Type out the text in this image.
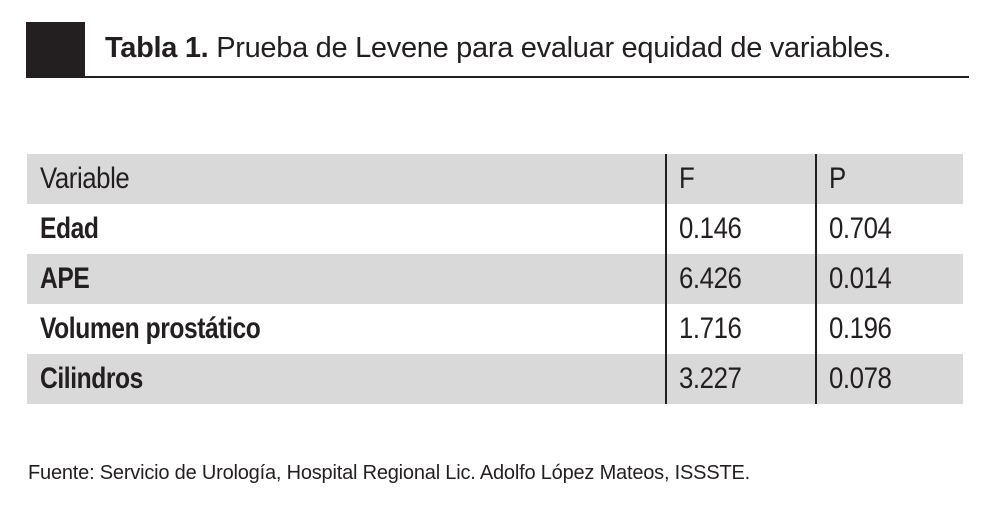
Tabla 1. Prueba de Levene para evaluar equidad de variables.
Variable	F	P
Edad	0.146	0.704
APE	6.426	0.014
Volumen prostático	1.716	0.196
Cilindros	3.227	0.078
Fuente: Servicio de Urología, Hospital Regional Lic. Adolfo López Mateos, ISSSTE.
